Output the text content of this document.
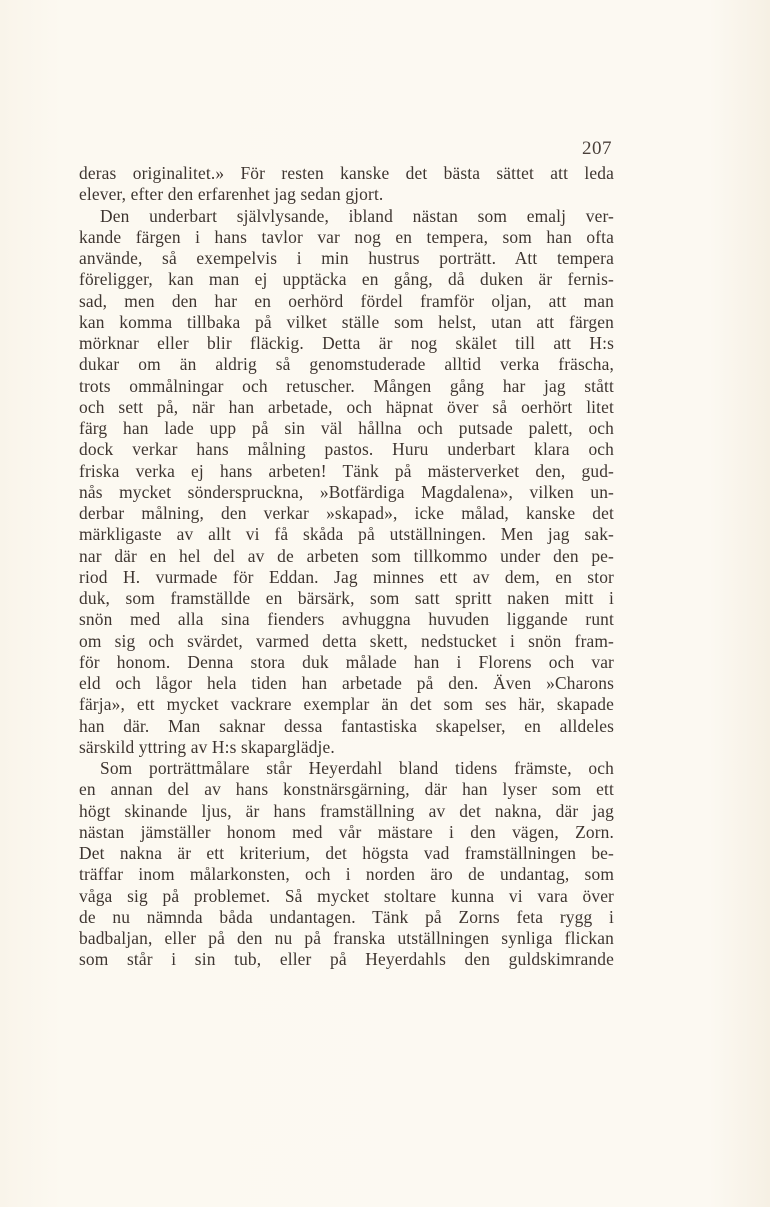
207
deras originalitet.» För resten kanske det bästa sättet att leda
elever, efter den erfarenhet jag sedan gjort.
Den underbart självlysande, ibland nästan som emalj ver-
kande färgen i hans tavlor var nog en tempera, som han ofta
använde, så exempelvis i min hustrus porträtt. Att tempera
föreligger, kan man ej upptäcka en gång, då duken är fernis-
sad, men den har en oerhörd fördel framför oljan, att man
kan komma tillbaka på vilket ställe som helst, utan att färgen
mörknar eller blir fläckig. Detta är nog skälet till att H:s
dukar om än aldrig så genomstuderade alltid verka fräscha,
trots ommålningar och retuscher. Mången gång har jag stått
och sett på, när han arbetade, och häpnat över så oerhört litet
färg han lade upp på sin väl hållna och putsade palett, och
dock verkar hans målning pastos. Huru underbart klara och
friska verka ej hans arbeten! Tänk på mästerverket den, gud-
nås mycket sönderspruckna, »Botfärdiga Magdalena», vilken un-
derbar målning, den verkar »skapad», icke målad, kanske det
märkligaste av allt vi få skåda på utställningen. Men jag sak-
nar där en hel del av de arbeten som tillkommo under den pe-
riod H. vurmade för Eddan. Jag minnes ett av dem, en stor
duk, som framställde en bärsärk, som satt spritt naken mitt i
snön med alla sina fienders avhuggna huvuden liggande runt
om sig och svärdet, varmed detta skett, nedstucket i snön fram-
för honom. Denna stora duk målade han i Florens och var
eld och lågor hela tiden han arbetade på den. Även »Charons
färja», ett mycket vackrare exemplar än det som ses här, skapade
han där. Man saknar dessa fantastiska skapelser, en alldeles
särskild yttring av H:s skaparglädje.
Som porträttmålare står Heyerdahl bland tidens främste, och
en annan del av hans konstnärsgärning, där han lyser som ett
högt skinande ljus, är hans framställning av det nakna, där jag
nästan jämställer honom med vår mästare i den vägen, Zorn.
Det nakna är ett kriterium, det högsta vad framställningen be-
träffar inom målarkonsten, och i norden äro de undantag, som
våga sig på problemet. Så mycket stoltare kunna vi vara över
de nu nämnda båda undantagen. Tänk på Zorns feta rygg i
badbaljan, eller på den nu på franska utställningen synliga flickan
som står i sin tub, eller på Heyerdahls den guldskimrande
